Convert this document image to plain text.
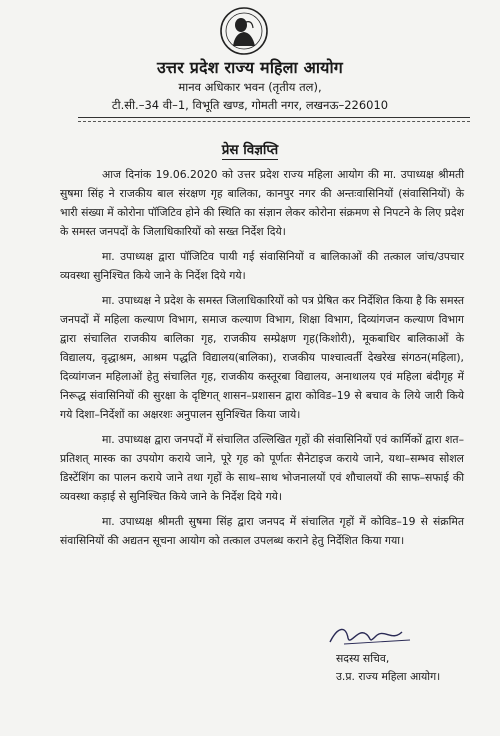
उत्तर प्रदेश राज्य महिला आयोग
मानव अधिकार भवन (तृतीय तल),
टी.सी.–34 वी–1, विभूति खण्ड, गोमती नगर, लखनऊ–226010
प्रेस विज्ञप्ति

आज दिनांक 19.06.2020 को उत्तर प्रदेश राज्य महिला आयोग की मा. उपाध्यक्ष श्रीमती सुषमा सिंह ने राजकीय बाल संरक्षण गृह बालिका, कानपुर नगर की अन्तःवासिनियों (संवासिनियों) के भारी संख्या में कोरोना पॉजिटिव होने की स्थिति का संज्ञान लेकर कोरोना संक्रमण से निपटने के लिए प्रदेश के समस्त जनपदों के जिलाधिकारियों को सख्त निर्देश दिये।

मा. उपाध्यक्ष द्वारा पॉजिटिव पायी गई संवासिनियों व बालिकाओं की तत्काल जांच/उपचार व्यवस्था सुनिश्चित किये जाने के निर्देश दिये गये।

मा. उपाध्यक्ष ने प्रदेश के समस्त जिलाधिकारियों को पत्र प्रेषित कर निर्देशित किया है कि समस्त जनपदों में महिला कल्याण विभाग, समाज कल्याण विभाग, शिक्षा विभाग, दिव्यांगजन कल्याण विभाग द्वारा संचालित राजकीय बालिका गृह, राजकीय सम्प्रेक्षण गृह(किशोरी), मूकबाधिर बालिकाओं के विद्यालय, वृद्धाश्रम, आश्रम पद्धति विद्यालय(बालिका), राजकीय पाश्चात्वर्ती देखरेख संगठन(महिला), दिव्यांगजन महिलाओं हेतु संचालित गृह, राजकीय कस्तूरबा विद्यालय, अनाथालय एवं महिला बंदीगृह में निरूद्ध संवासिनियों की सुरक्षा के दृष्टिगत् शासन–प्रशासन द्वारा कोविड–19 से बचाव के लिये जारी किये गये दिशा–निर्देशों का अक्षरशः अनुपालन सुनिश्चित किया जाये।

मा. उपाध्यक्ष द्वारा जनपदों में संचालित उल्लिखित गृहों की संवासिनियों एवं कार्मिकों द्वारा शत–प्रतिशत् मास्क का उपयोग कराये जाने, पूरे गृह को पूर्णतः सैनेटाइज कराये जाने, यथा–सम्भव सोशल डिस्टेंशिंग का पालन कराये जाने तथा गृहों के साथ–साथ भोजनालयों एवं शौचालयों की साफ–सफाई की व्यवस्था कड़ाई से सुनिश्चित किये जाने के निर्देश दिये गये।

मा. उपाध्यक्ष श्रीमती सुषमा सिंह द्वारा जनपद में संचालित गृहों में कोविड–19 से संक्रमित संवासिनियों की अद्यतन सूचना आयोग को तत्काल उपलब्ध कराने हेतु निर्देशित किया गया।

सदस्य सचिव,
उ.प्र. राज्य महिला आयोग।
